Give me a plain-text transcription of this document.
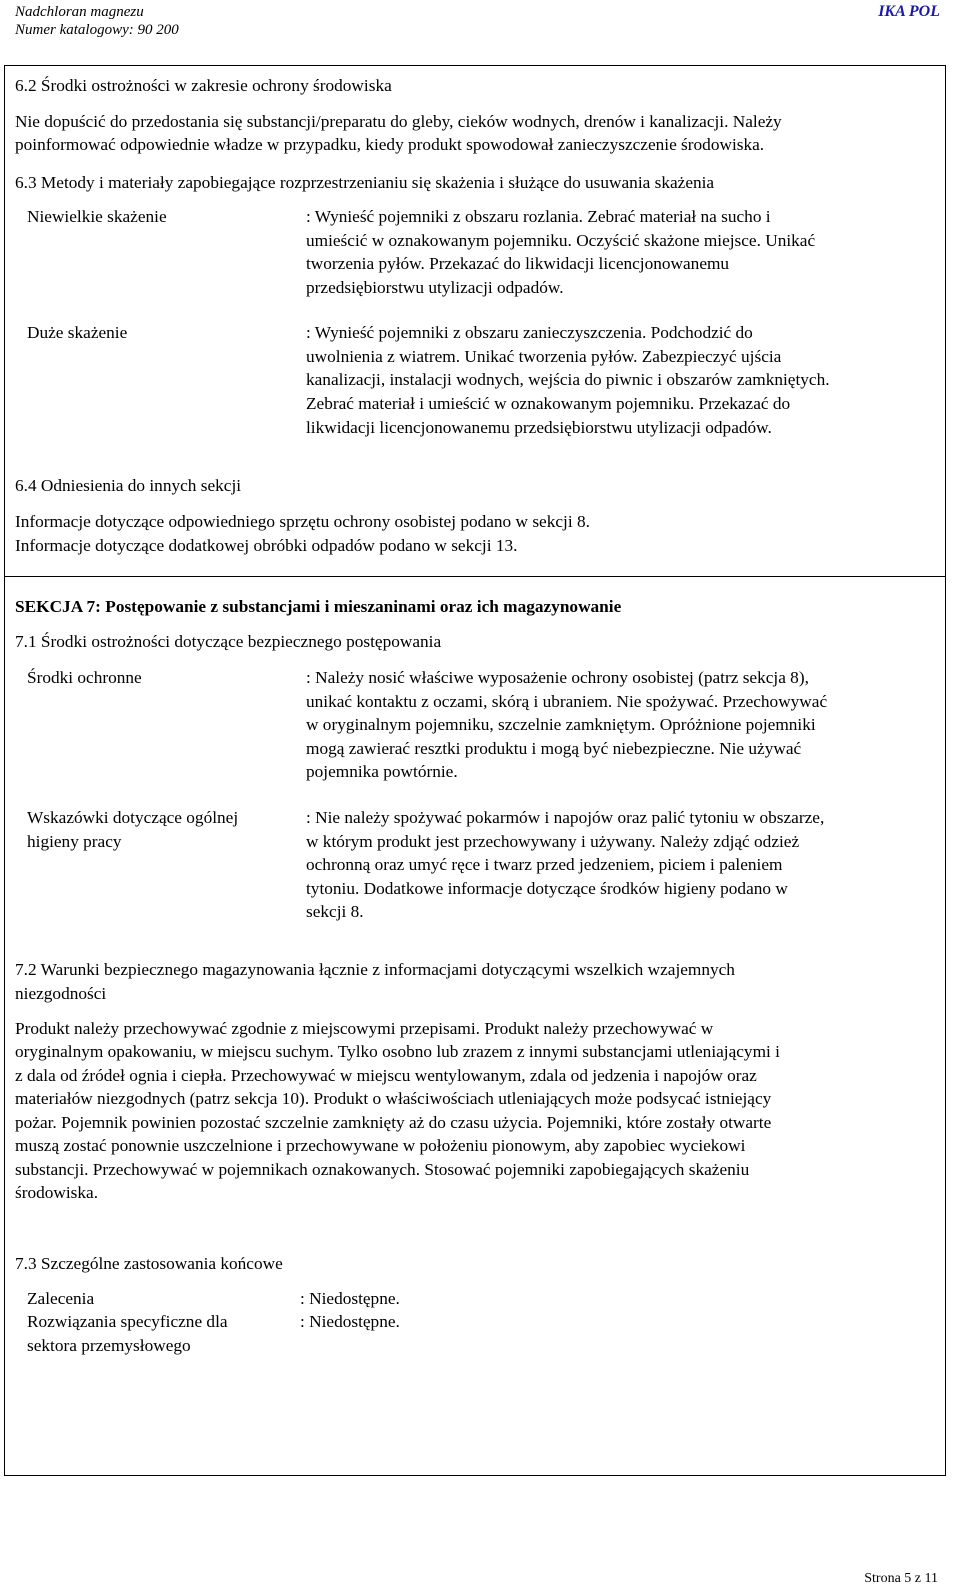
Nadchloran magnezu
Numer katalogowy: 90 200
IKA POL
6.2 Środki ostrożności w zakresie ochrony środowiska
Nie dopuścić do przedostania się substancji/preparatu do gleby, cieków wodnych, drenów i kanalizacji. Należy
poinformować odpowiednie władze w przypadku, kiedy produkt spowodował zanieczyszczenie środowiska.
6.3 Metody i materiały zapobiegające rozprzestrzenianiu się skażenia i służące do usuwania skażenia
Niewielkie skażenie	: Wynieść pojemniki z obszaru rozlania. Zebrać materiał na sucho i
umieścić w oznakowanym pojemniku. Oczyścić skażone miejsce. Unikać
tworzenia pyłów. Przekazać do likwidacji licencjonowanemu
przedsiębiorstwu utylizacji odpadów.
Duże skażenie	: Wynieść pojemniki z obszaru zanieczyszczenia. Podchodzić do
uwolnienia z wiatrem. Unikać tworzenia pyłów. Zabezpieczyć ujścia
kanalizacji, instalacji wodnych, wejścia do piwnic i obszarów zamkniętych.
Zebrać materiał i umieścić w oznakowanym pojemniku. Przekazać do
likwidacji licencjonowanemu przedsiębiorstwu utylizacji odpadów.
6.4 Odniesienia do innych sekcji
Informacje dotyczące odpowiedniego sprzętu ochrony osobistej podano w sekcji 8.
Informacje dotyczące dodatkowej obróbki odpadów podano w sekcji 13.
SEKCJA 7: Postępowanie z substancjami i mieszaninami oraz ich magazynowanie
7.1 Środki ostrożności dotyczące bezpiecznego postępowania
Środki ochronne	: Należy nosić właściwe wyposażenie ochrony osobistej (patrz sekcja 8),
unikać kontaktu z oczami, skórą i ubraniem. Nie spożywać. Przechowywać
w oryginalnym pojemniku, szczelnie zamkniętym. Opróżnione pojemniki
mogą zawierać resztki produktu i mogą być niebezpieczne. Nie używać
pojemnika powtórnie.
Wskazówki dotyczące ogólnej
higieny pracy
: Nie należy spożywać pokarmów i napojów oraz palić tytoniu w obszarze,
w którym produkt jest przechowywany i używany. Należy zdjąć odzież
ochronną oraz umyć ręce i twarz przed jedzeniem, piciem i paleniem
tytoniu. Dodatkowe informacje dotyczące środków higieny podano w
sekcji 8.
7.2 Warunki bezpiecznego magazynowania łącznie z informacjami dotyczącymi wszelkich wzajemnych
niezgodności
Produkt należy przechowywać zgodnie z miejscowymi przepisami. Produkt należy przechowywać w
oryginalnym opakowaniu, w miejscu suchym. Tylko osobno lub zrazem z innymi substancjami utleniającymi i
z dala od źródeł ognia i ciepła. Przechowywać w miejscu wentylowanym, zdala od jedzenia i napojów oraz
materiałów niezgodnych (patrz sekcja 10). Produkt o właściwościach utleniających może podsycać istniejący
pożar. Pojemnik powinien pozostać szczelnie zamknięty aż do czasu użycia. Pojemniki, które zostały otwarte
muszą zostać ponownie uszczelnione i przechowywane w położeniu pionowym, aby zapobiec wyciekowi
substancji. Przechowywać w pojemnikach oznakowanych. Stosować pojemniki zapobiegających skażeniu
środowiska.
7.3 Szczególne zastosowania końcowe
Zalecenia	: Niedostępne.
Rozwiązania specyficzne dla
sektora przemysłowego
: Niedostępne.
Strona 5 z 11
